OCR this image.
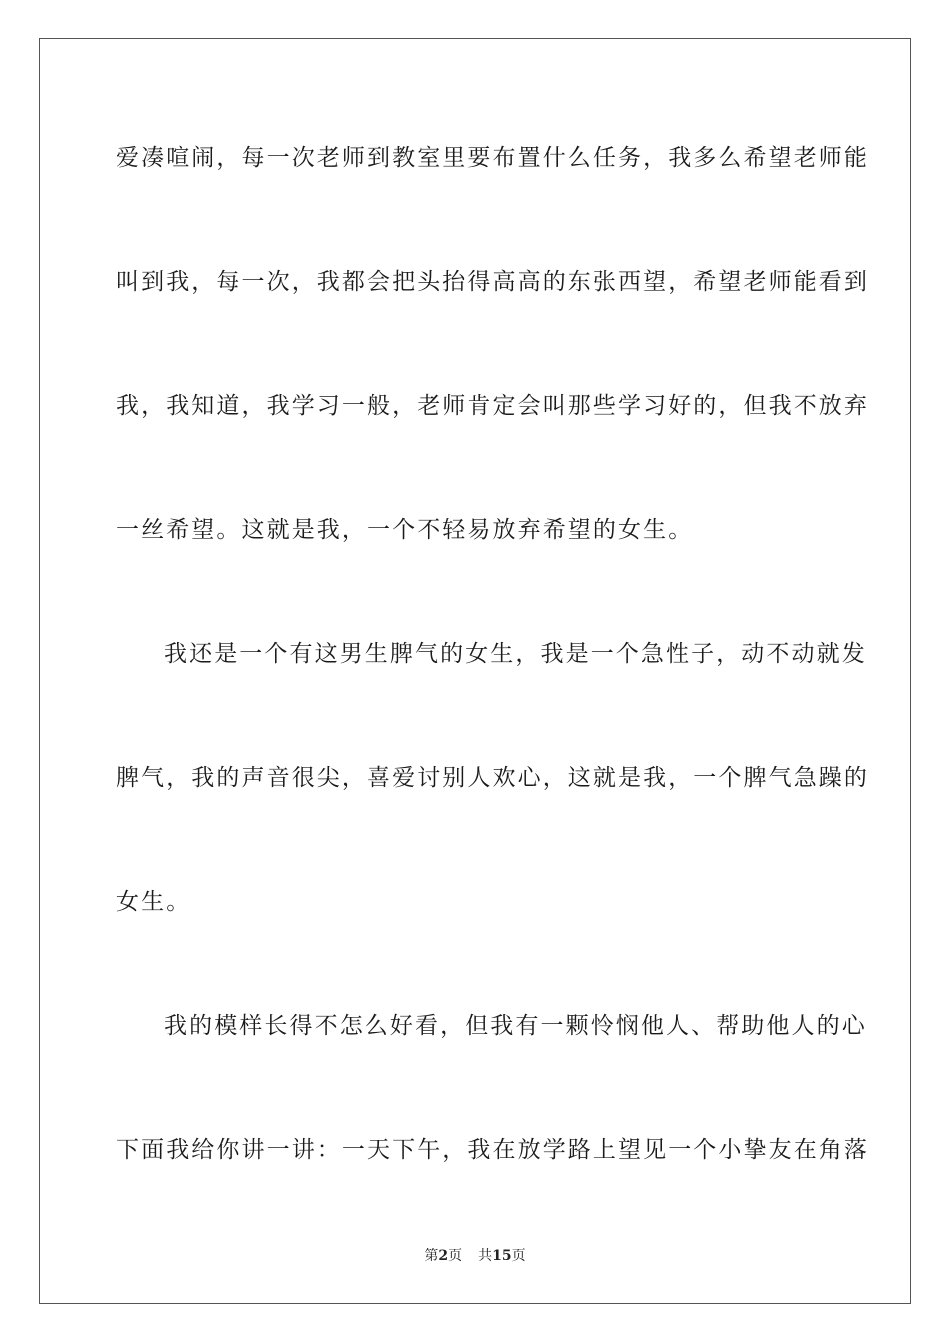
爱凑喧闹，每一次老师到教室里要布置什么任务，我多么希望老师能
叫到我，每一次，我都会把头抬得高高的东张西望，希望老师能看到
我，我知道，我学习一般，老师肯定会叫那些学习好的，但我不放弃
一丝希望。这就是我，一个不轻易放弃希望的女生。
我还是一个有这男生脾气的女生，我是一个急性子，动不动就发
脾气，我的声音很尖，喜爱讨别人欢心，这就是我，一个脾气急躁的
女生。
我的模样长得不怎么好看，但我有一颗怜悯他人、帮助他人的心
下面我给你讲一讲：一天下午，我在放学路上望见一个小挚友在角落
第2页 共15页
